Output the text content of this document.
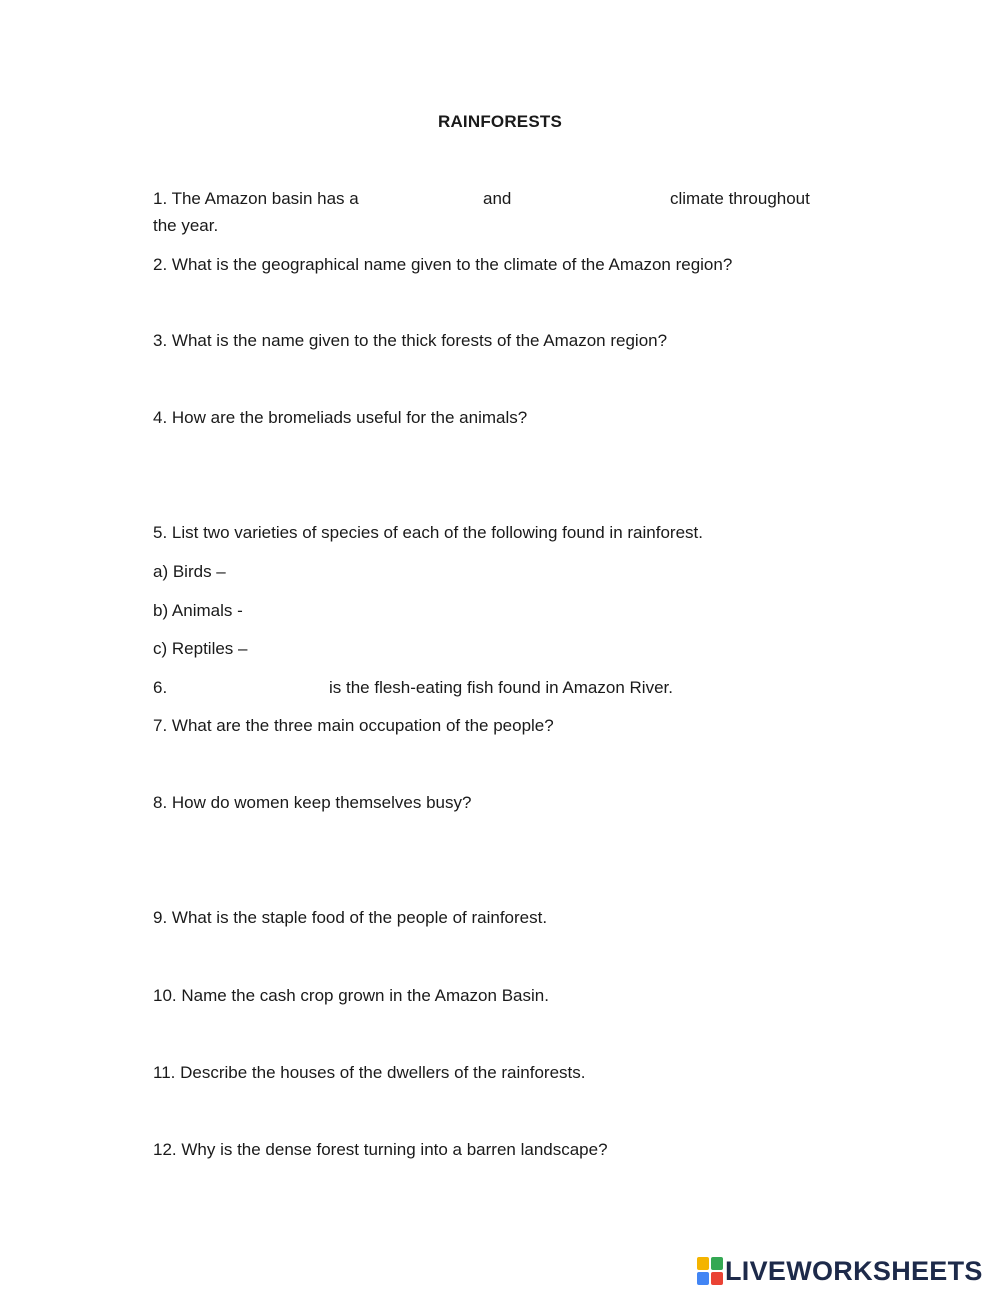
RAINFORESTS
1. The Amazon basin has a	and	climate throughout
the year.
2. What is the geographical name given to the climate of the Amazon region?
3. What is the name given to the thick forests of the Amazon region?
4. How are the bromeliads useful for the animals?
5. List two varieties of species of each of the following found in rainforest.
a) Birds –
b) Animals -
c) Reptiles –
6.	is the flesh-eating fish found in Amazon River.
7. What are the three main occupation of the people?
8. How do women keep themselves busy?
9. What is the staple food of the people of rainforest.
10. Name the cash crop grown in the Amazon Basin.
11. Describe the houses of the dwellers of the rainforests.
12. Why is the dense forest turning into a barren landscape?
LIVEWORKSHEETS
